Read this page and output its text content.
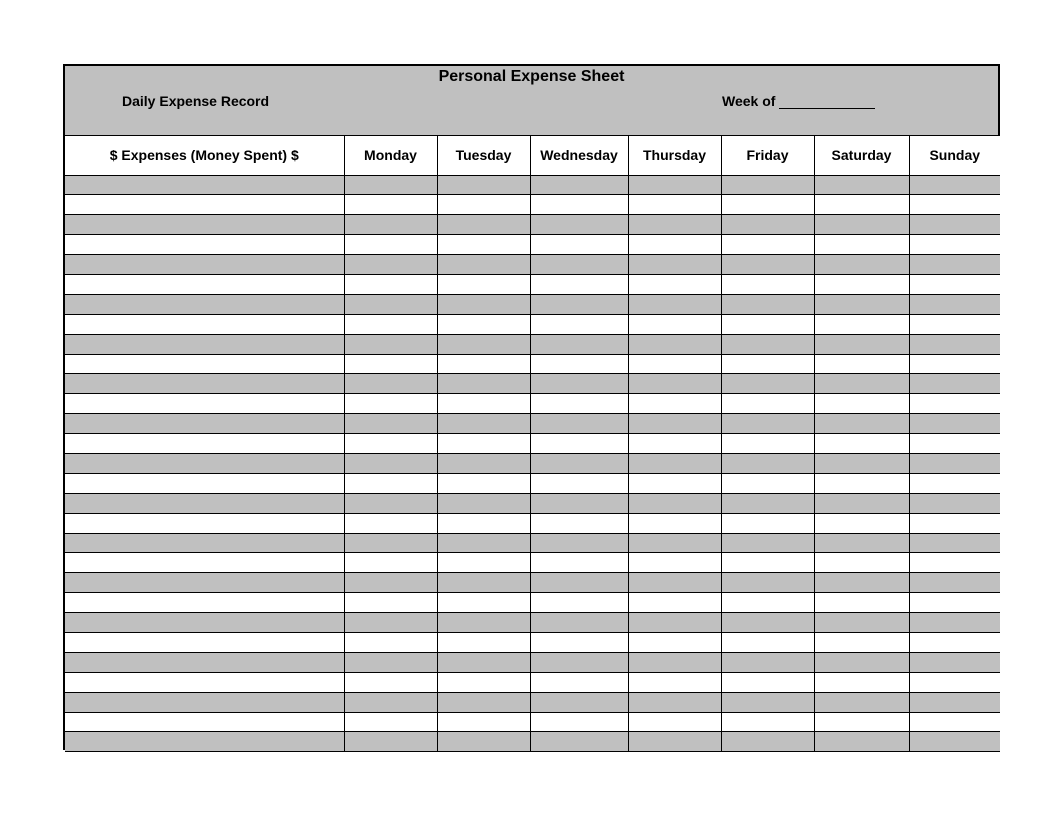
Personal Expense Sheet
Daily Expense Record	Week of
$ Expenses (Money Spent) $	Monday	Tuesday	Wednesday	Thursday	Friday	Saturday	Sunday
